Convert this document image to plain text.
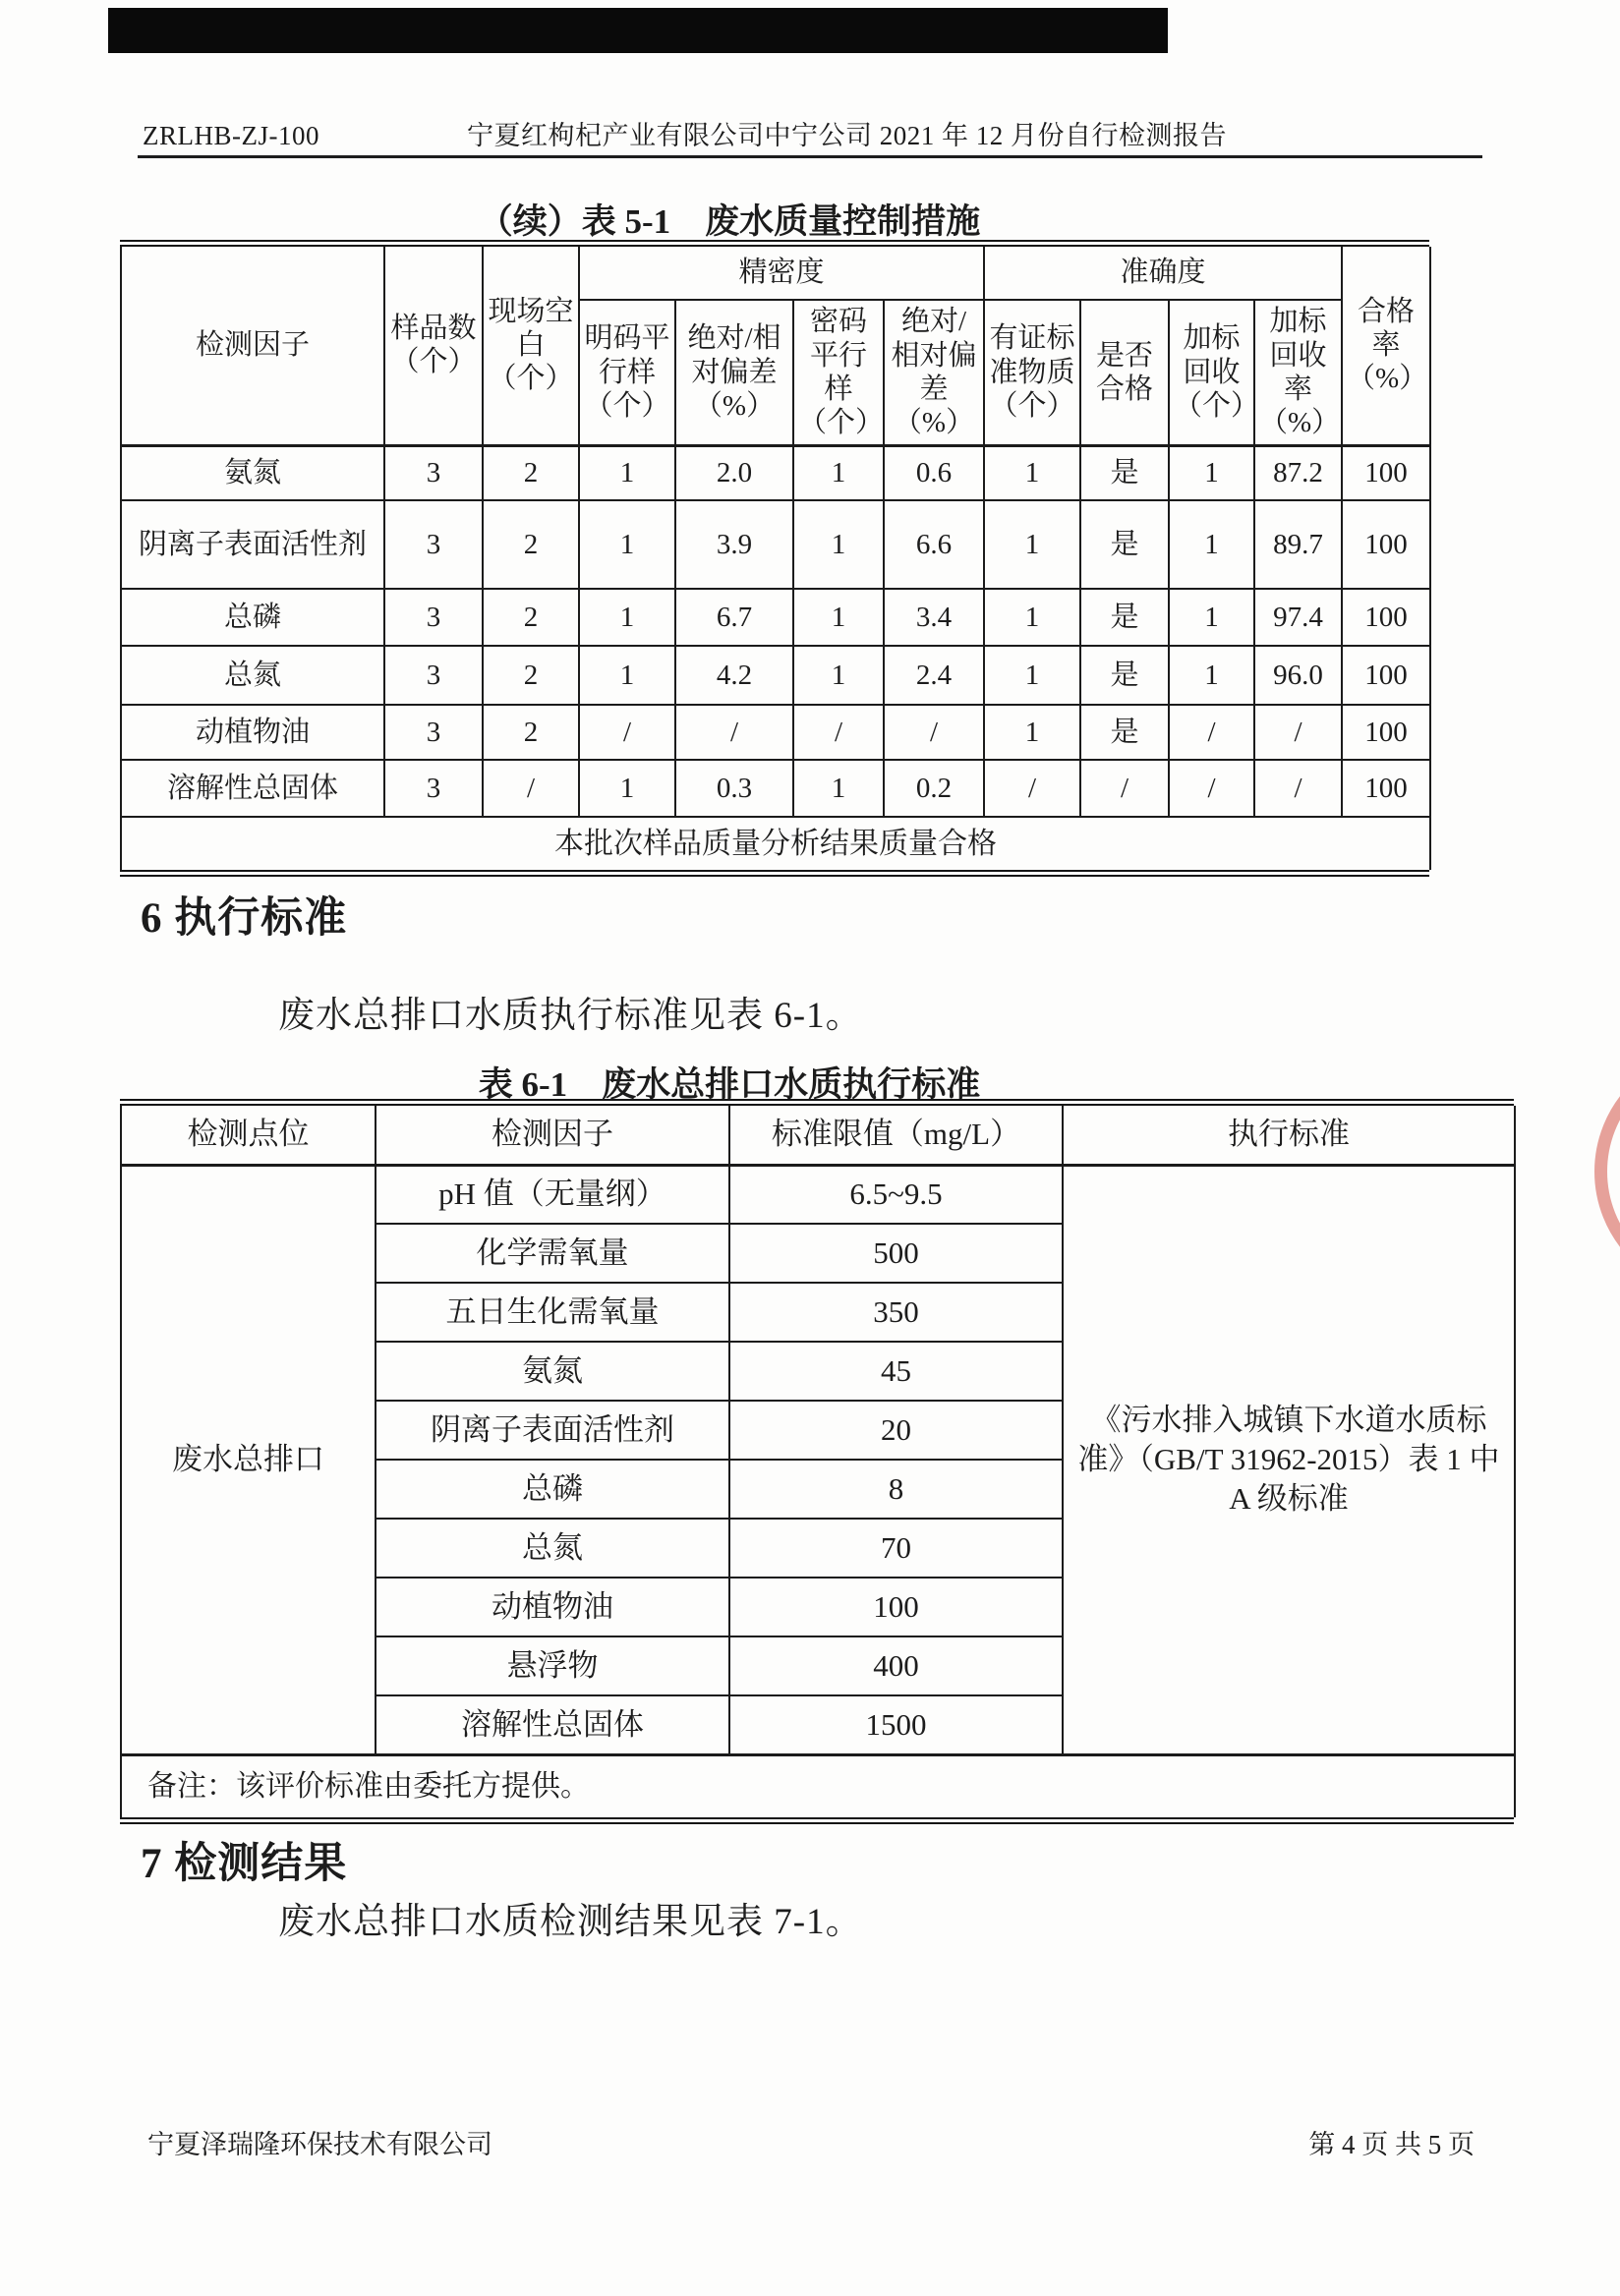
ZRLHB-ZJ-100	宁夏红枸杞产业有限公司中宁公司 2021 年 12 月份自行检测报告
（续）表 5-1　废水质量控制措施
检测因子	样品数（个）	现场空白（个）	精密度				准确度				合格率（%）
			明码平行样（个）	绝对/相对偏差（%）	密码平行样（个）	绝对/相对偏差（%）	有证标准物质（个）	是否合格	加标回收（个）	加标回收率（%）	
氨氮	3	2	1	2.0	1	0.6	1	是	1	87.2	100
阴离子表面活性剂	3	2	1	3.9	1	6.6	1	是	1	89.7	100
总磷	3	2	1	6.7	1	3.4	1	是	1	97.4	100
总氮	3	2	1	4.2	1	2.4	1	是	1	96.0	100
动植物油	3	2	/	/	/	/	1	是	/	/	100
溶解性总固体	3	/	1	0.3	1	0.2	/	/	/	/	100
本批次样品质量分析结果质量合格											
6 执行标准
废水总排口水质执行标准见表 6-1。
表 6-1　废水总排口水质执行标准
检测点位	检测因子	标准限值（mg/L）	执行标准
废水总排口	pH 值（无量纲）	6.5~9.5	《污水排入城镇下水道水质标准》（GB/T 31962-2015）表 1 中 A 级标准
	化学需氧量	500	
	五日生化需氧量	350	
	氨氮	45	
	阴离子表面活性剂	20	
	总磷	8	
	总氮	70	
	动植物油	100	
	悬浮物	400	
	溶解性总固体	1500	
备注：该评价标准由委托方提供。			
7 检测结果
废水总排口水质检测结果见表 7-1。
宁夏泽瑞隆环保技术有限公司	第 4 页 共 5 页
